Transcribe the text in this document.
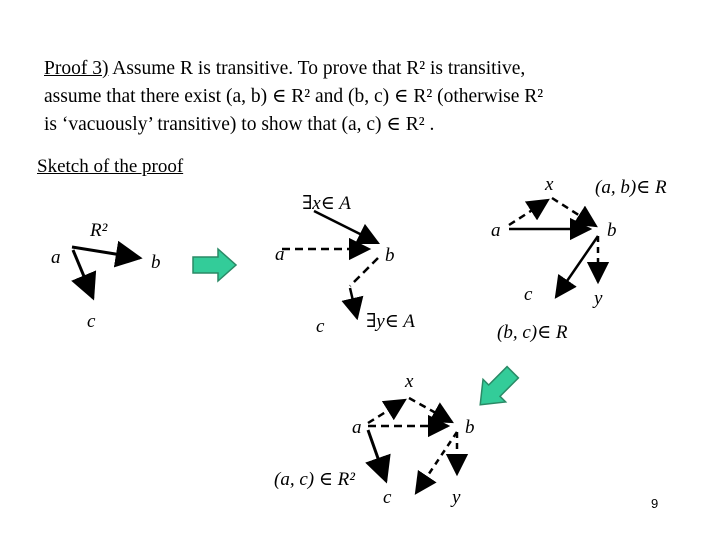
Proof 3) Assume R is transitive. To prove that R² is transitive,
assume that there exist (a, b) ∈ R² and (b, c) ∈ R² (otherwise R²
is ‘vacuously’ transitive) to show that (a, c) ∈ R² .
Sketch of the proof
R²
a	b
c
∃x∈ A
a	b
c ∃y∈ A
x (a, b)∈ R
a	b
c	y
(b, c)∈ R
x
a	b
(a, c) ∈ R²
c	y	9
